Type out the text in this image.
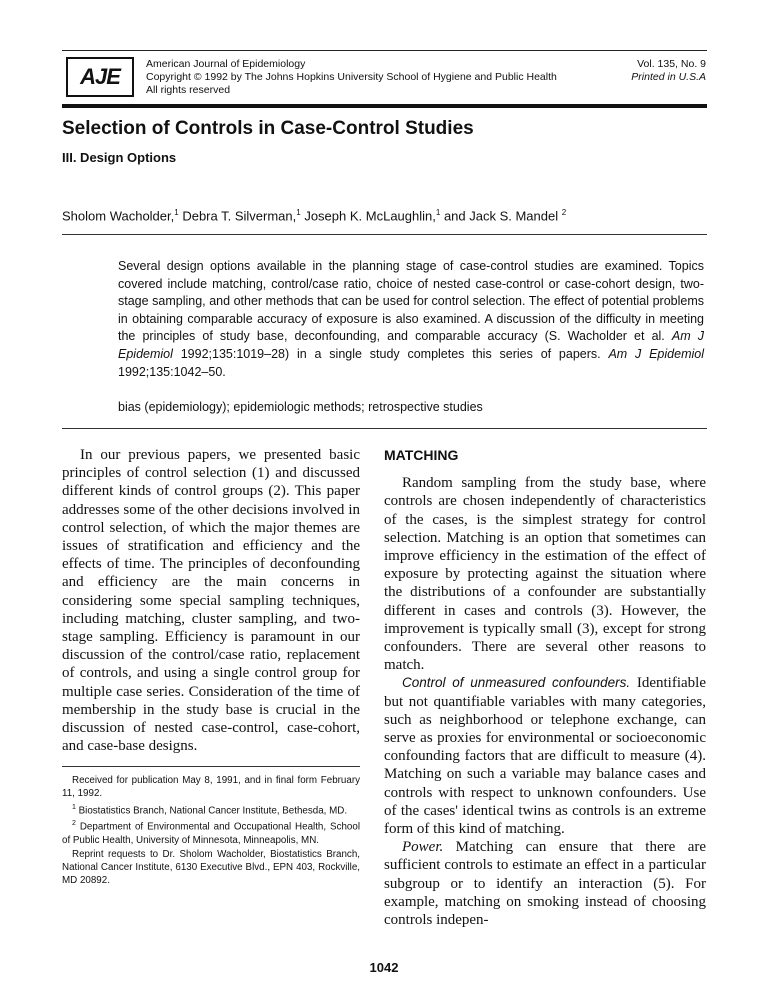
AJE	American Journal of Epidemiology
Copyright © 1992 by The Johns Hopkins University School of Hygiene and Public Health
All rights reserved
Vol. 135, No. 9
Printed in U.S.A
Selection of Controls in Case-Control Studies
III. Design Options
Sholom Wacholder,$^1$ Debra T. Silverman,$^1$ Joseph K. McLaughlin,$^1$ and Jack S. Mandel $^2$
Several design options available in the planning stage of case-control studies are examined. Topics covered include matching, control/case ratio, choice of nested case-control or case-cohort design, two-stage sampling, and other methods that can be used for control selection. The effect of potential problems in obtaining comparable accuracy of exposure is also examined. A discussion of the difficulty in meeting the principles of study base, deconfounding, and comparable accuracy (S. Wacholder et al. Am J Epidemiol 1992;135:1019–28) in a single study completes this series of papers. Am J Epidemiol 1992;135:1042–50.
bias (epidemiology); epidemiologic methods; retrospective studies

In our previous papers, we presented basic principles of control selection (1) and discussed different kinds of control groups (2). This paper addresses some of the other decisions involved in control selection, of which the major themes are issues of stratification and efficiency and the effects of time. The principles of deconfounding and efficiency are the main concerns in considering some special sampling techniques, including matching, cluster sampling, and two-stage sampling. Efficiency is paramount in our discussion of the control/case ratio, replacement of controls, and using a single control group for multiple case series. Consideration of the time of membership in the study base is crucial in the discussion of nested case-control, case-cohort, and case-base designs.

Received for publication May 8, 1991, and in final form February 11, 1992.

$^1$ Biostatistics Branch, National Cancer Institute, Bethesda, MD.

$^2$ Department of Environmental and Occupational Health, School of Public Health, University of Minnesota, Minneapolis, MN.

Reprint requests to Dr. Sholom Wacholder, Biostatistics Branch, National Cancer Institute, 6130 Executive Blvd., EPN 403, Rockville, MD 20892.

MATCHING

Random sampling from the study base, where controls are chosen independently of characteristics of the cases, is the simplest strategy for control selection. Matching is an option that sometimes can improve efficiency in the estimation of the effect of exposure by protecting against the situation where the distributions of a confounder are substantially different in cases and controls (3). However, the improvement is typically small (3), except for strong confounders. There are several other reasons to match.

Control of unmeasured confounders. Identifiable but not quantifiable variables with many categories, such as neighborhood or telephone exchange, can serve as proxies for environmental or socioeconomic confounding factors that are difficult to measure (4). Matching on such a variable may balance cases and controls with respect to unknown confounders. Use of the cases' identical twins as controls is an extreme form of this kind of matching.

Power. Matching can ensure that there are sufficient controls to estimate an effect in a particular subgroup or to identify an interaction (5). For example, matching on smoking instead of choosing controls indepen-

1042
